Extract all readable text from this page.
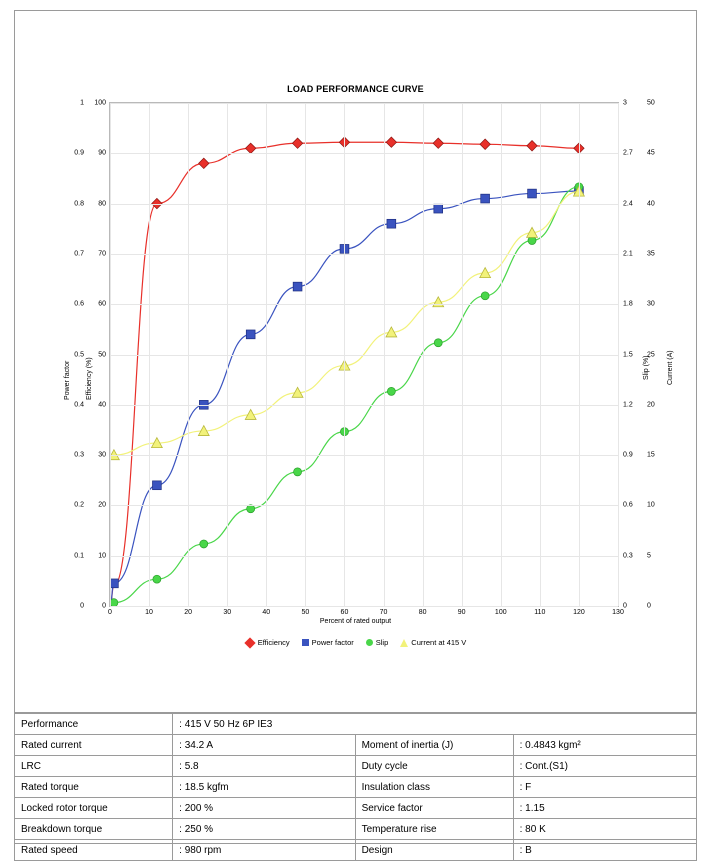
LOAD PERFORMANCE CURVE
Power factor Efficiency (%)	Slip (%) Current (A)
Percent of rated output
0
0.1
0.2
0.3
0.4
0.5
0.6
0.7
0.8
0.9
1
0
10
20
30
40
50
60
70
80
90
100
0
0.3
0.6
0.9
1.2
1.5
1.8
2.1
2.4
2.7
3
0
5
10
15
20
25
30
35
40
45
50
0	10	20	30	40	50	60	70	80	90	100	110	120	130
Efficiency	Power factor	Slip	Current at 415 V
Performance	: 415 V 50 Hz 6P IE3		
Rated current	: 34.2 A	Moment of inertia (J)	: 0.4843 kgm²
LRC	: 5.8	Duty cycle	: Cont.(S1)
Rated torque	: 18.5 kgfm	Insulation class	: F
Locked rotor torque	: 200 %	Service factor	: 1.15
Breakdown torque	: 250 %	Temperature rise	: 80 K
Rated speed	: 980 rpm	Design	: B
